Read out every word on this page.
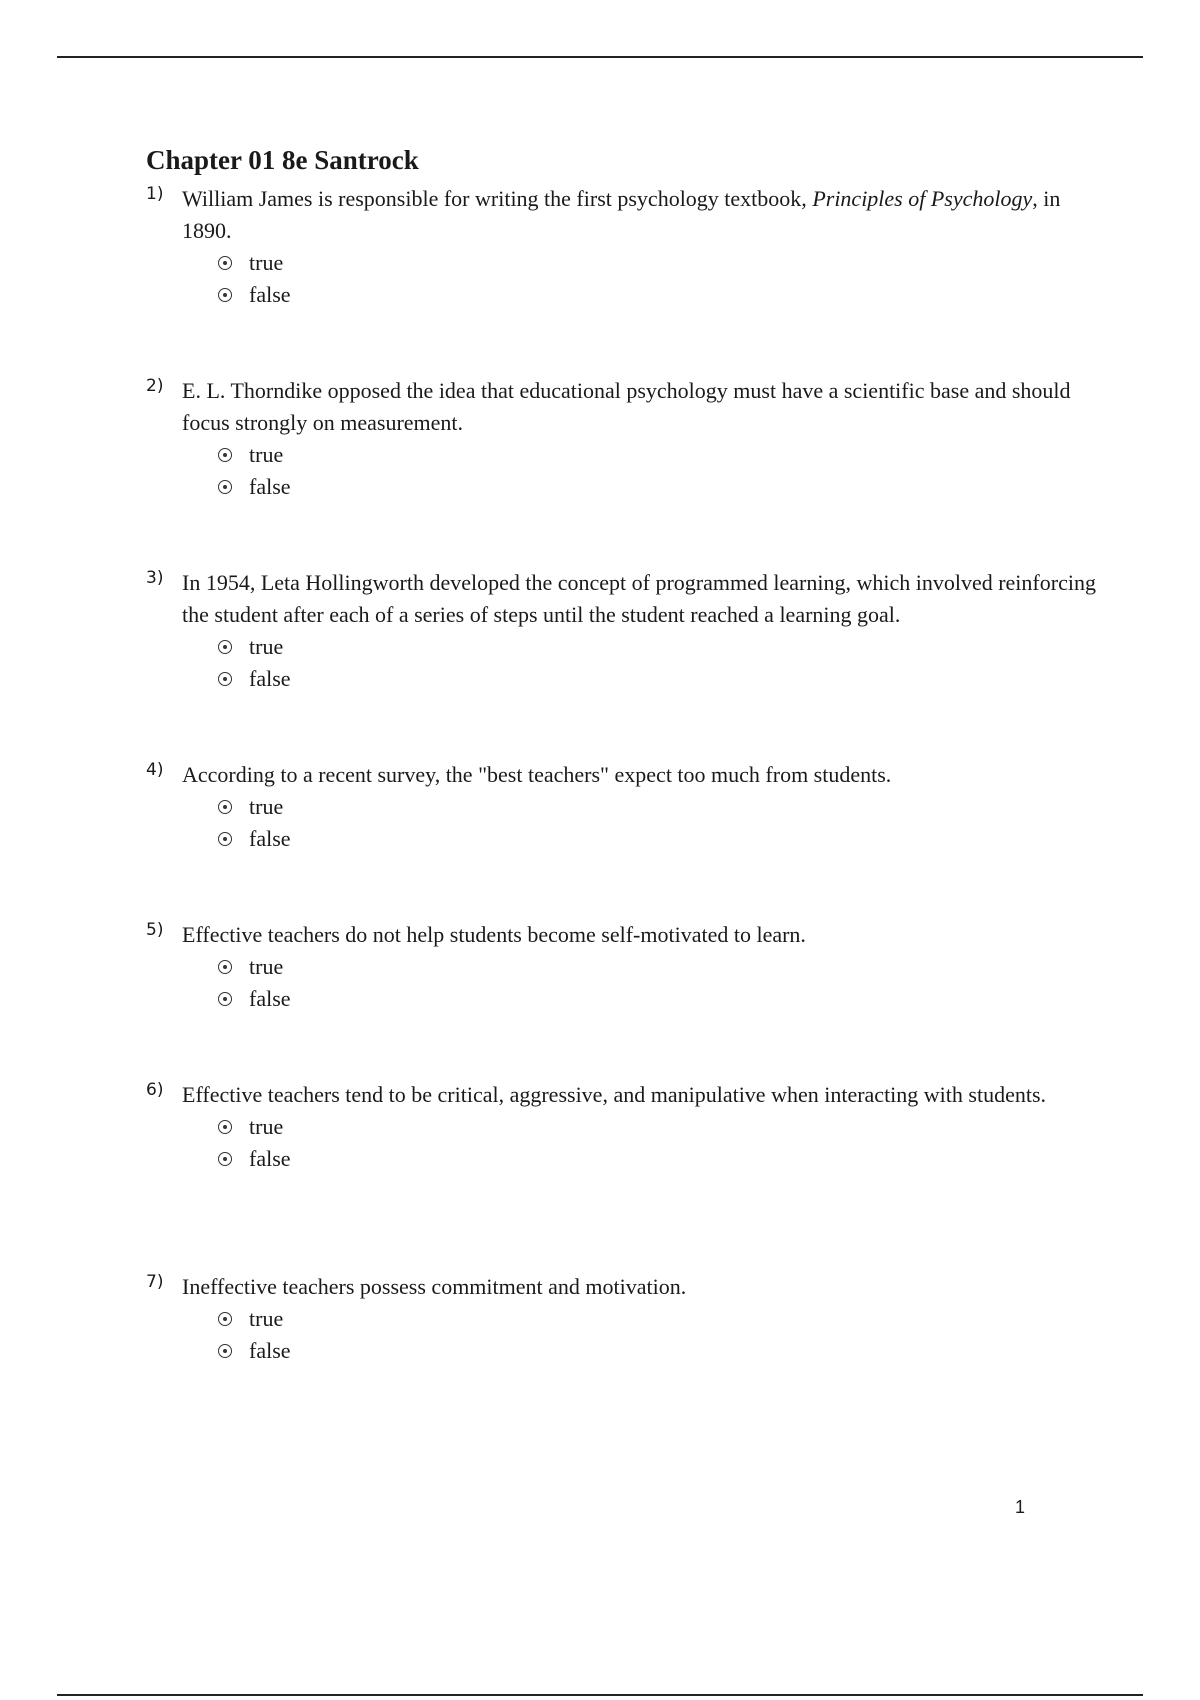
Chapter 01 8e Santrock
1) William James is responsible for writing the first psychology textbook, Principles of Psychology, in 1890.
true
false
2) E. L. Thorndike opposed the idea that educational psychology must have a scientific base and should focus strongly on measurement.
true
false
3) In 1954, Leta Hollingworth developed the concept of programmed learning, which involved reinforcing the student after each of a series of steps until the student reached a learning goal.
true
false
4) According to a recent survey, the "best teachers" expect too much from students.
true
false
5) Effective teachers do not help students become self-motivated to learn.
true
false
6) Effective teachers tend to be critical, aggressive, and manipulative when interacting with students.
true
false
7) Ineffective teachers possess commitment and motivation.
true
false
1
